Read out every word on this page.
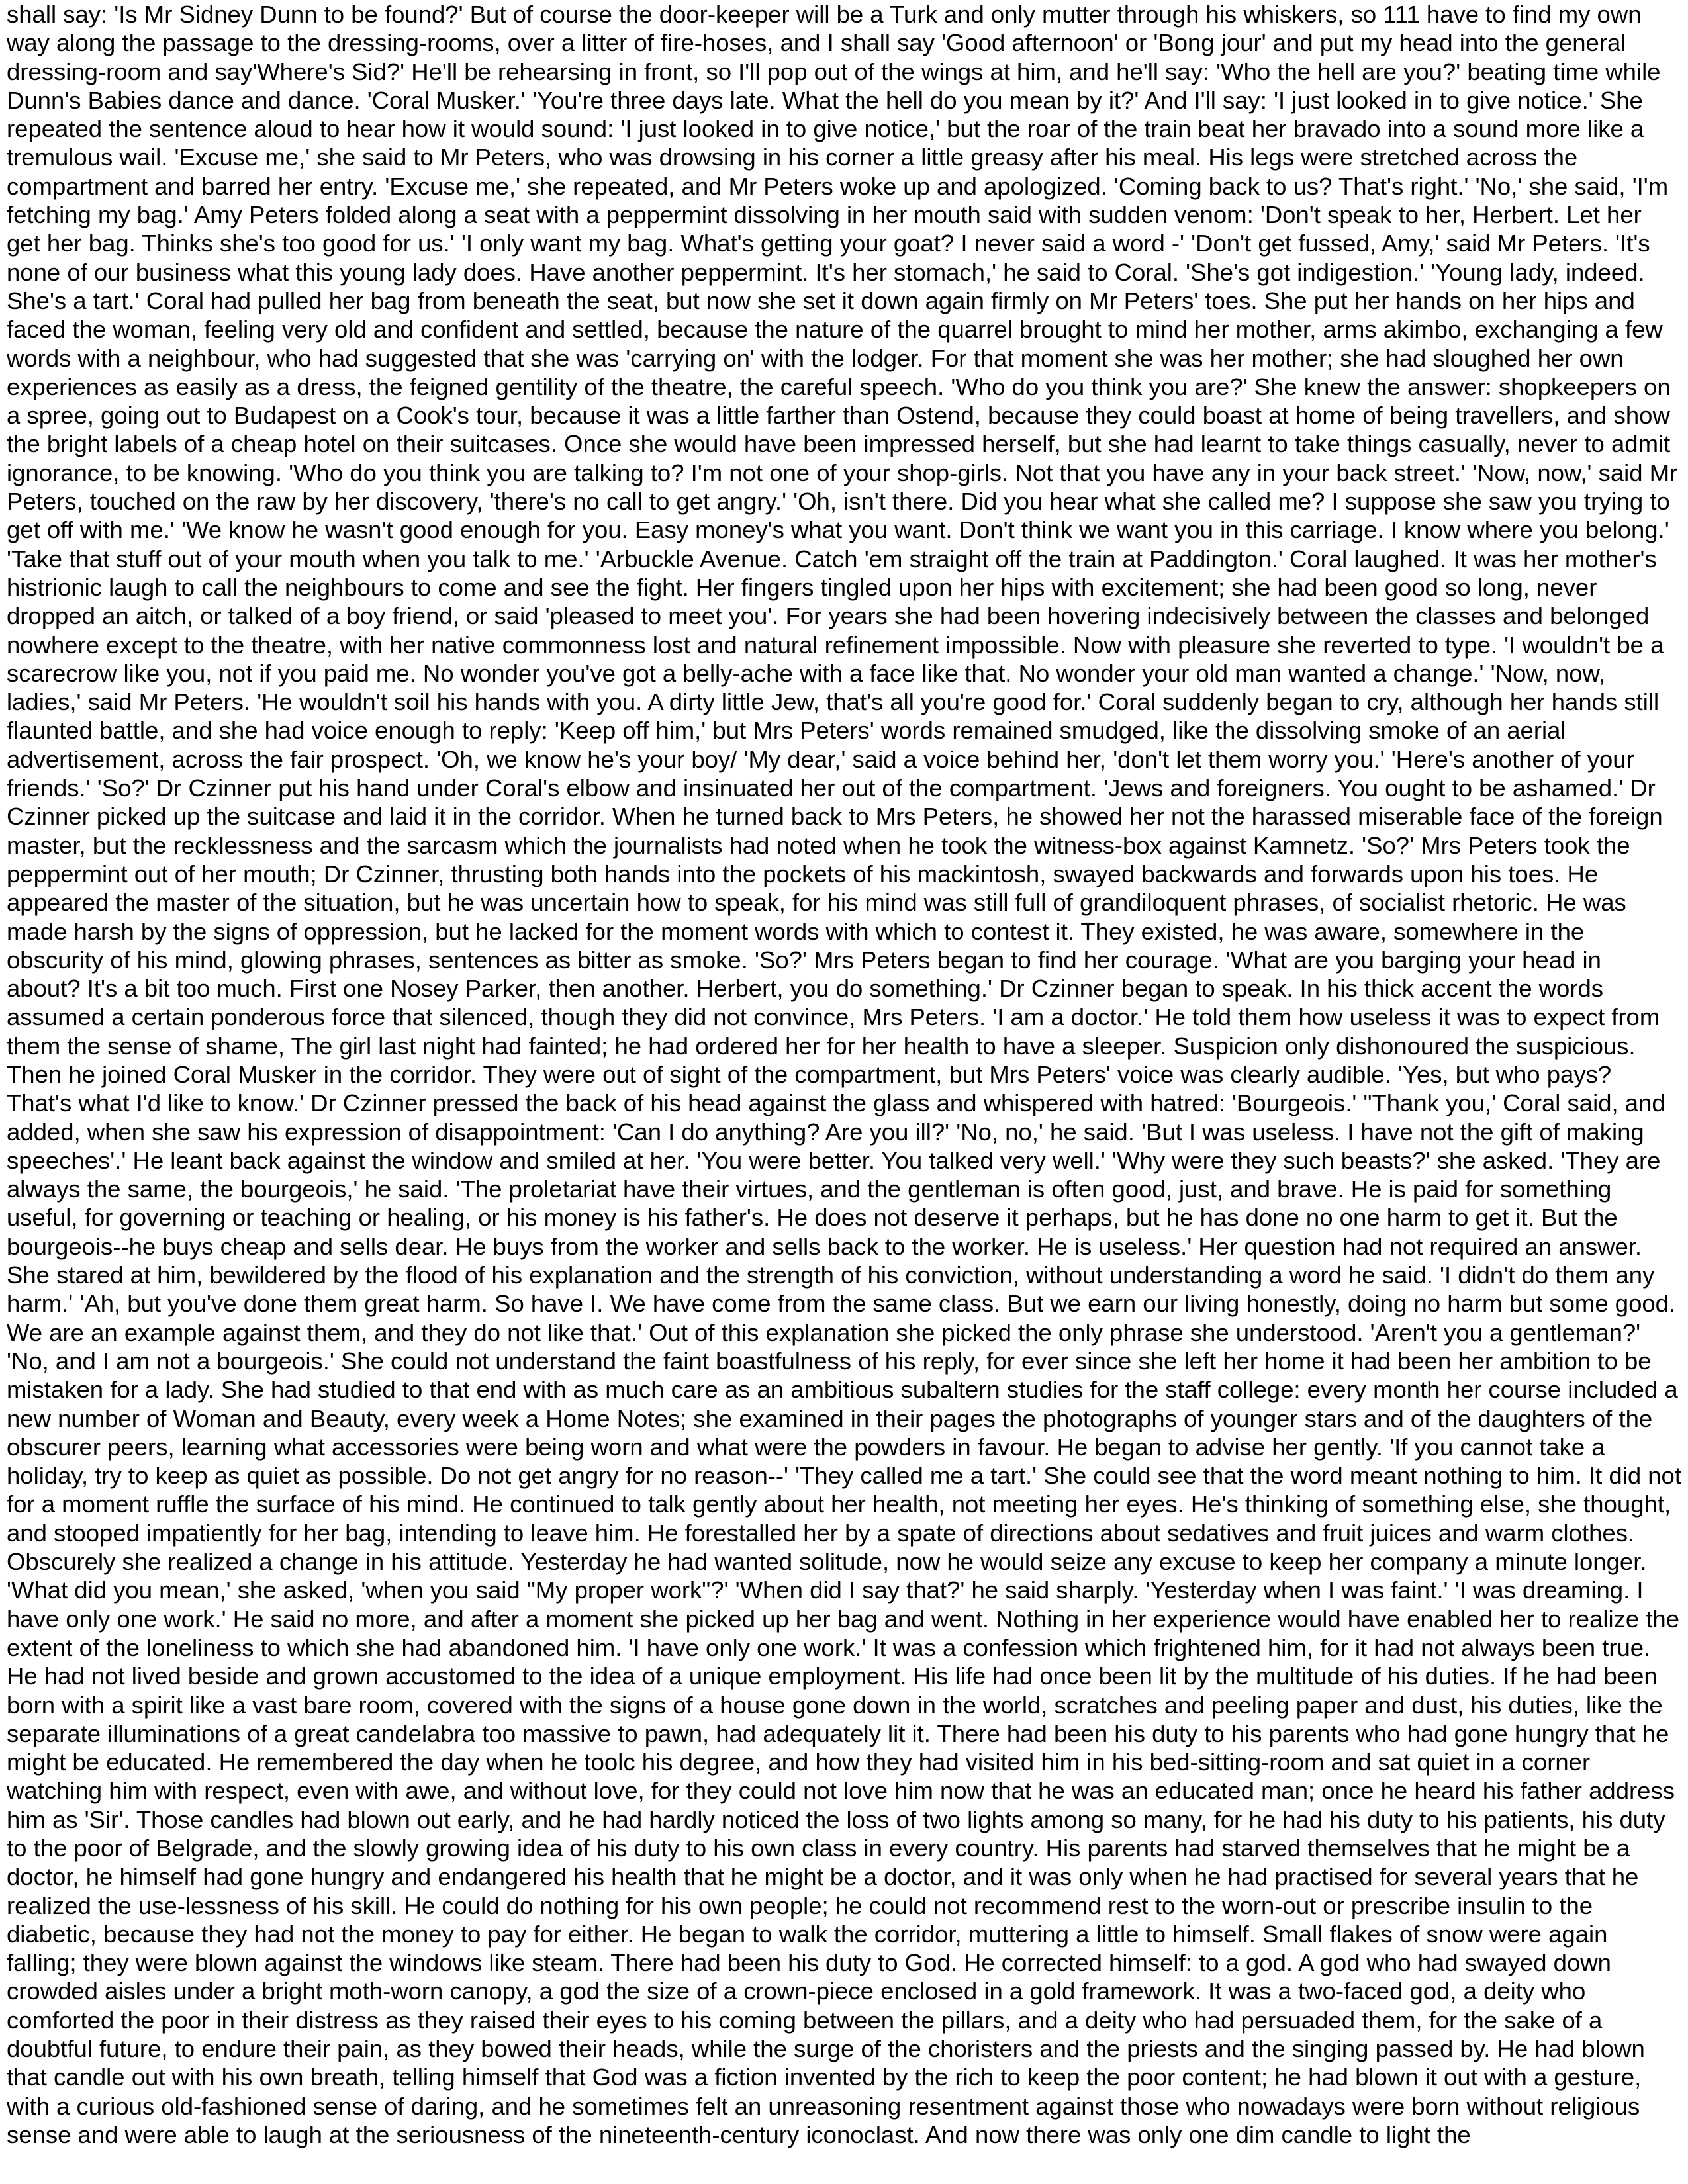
shall say: 'Is Mr Sidney Dunn to be found?' But of course the door-keeper will be a Turk and only mutter through his whiskers, so 111 have to find my own way along the passage to the dressing-rooms, over a litter of fire-hoses, and I shall say 'Good afternoon' or 'Bong jour' and put my head into the general dressing-room and say'Where's Sid?' He'll be rehearsing in front, so I'll pop out of the wings at him, and he'll say: 'Who the hell are you?' beating time while Dunn's Babies dance and dance. 'Coral Musker.' 'You're three days late. What the hell do you mean by it?' And I'll say: 'I just looked in to give notice.' She repeated the sentence aloud to hear how it would sound: 'I just looked in to give notice,' but the roar of the train beat her bravado into a sound more like a tremulous wail. 'Excuse me,' she said to Mr Peters, who was drowsing in his corner a little greasy after his meal. His legs were stretched across the compartment and barred her entry. 'Excuse me,' she repeated, and Mr Peters woke up and apologized. 'Coming back to us? That's right.' 'No,' she said, 'I'm fetching my bag.' Amy Peters folded along a seat with a peppermint dissolving in her mouth said with sudden venom: 'Don't speak to her, Herbert. Let her get her bag. Thinks she's too good for us.' 'I only want my bag. What's getting your goat? I never said a word -' 'Don't get fussed, Amy,' said Mr Peters. 'It's none of our business what this young lady does. Have another peppermint. It's her stomach,' he said to Coral. 'She's got indigestion.' 'Young lady, indeed. She's a tart.' Coral had pulled her bag from beneath the seat, but now she set it down again firmly on Mr Peters' toes. She put her hands on her hips and faced the woman, feeling very old and confident and settled, because the nature of the quarrel brought to mind her mother, arms akimbo, exchanging a few words with a neighbour, who had suggested that she was 'carrying on' with the lodger. For that moment she was her mother; she had sloughed her own experiences as easily as a dress, the feigned gentility of the theatre, the careful speech. 'Who do you think you are?' She knew the answer: shopkeepers on a spree, going out to Budapest on a Cook's tour, because it was a little farther than Ostend, because they could boast at home of being travellers, and show the bright labels of a cheap hotel on their suitcases. Once she would have been impressed herself, but she had learnt to take things casually, never to admit ignorance, to be knowing. 'Who do you think you are talking to? I'm not one of your shop-girls. Not that you have any in your back street.' 'Now, now,' said Mr Peters, touched on the raw by her discovery, 'there's no call to get angry.' 'Oh, isn't there. Did you hear what she called me? I suppose she saw you trying to get off with me.' 'We know he wasn't good enough for you. Easy money's what you want. Don't think we want you in this carriage. I know where you belong.' 'Take that stuff out of your mouth when you talk to me.' 'Arbuckle Avenue. Catch 'em straight off the train at Paddington.' Coral laughed. It was her mother's histrionic laugh to call the neighbours to come and see the fight. Her fingers tingled upon her hips with excitement; she had been good so long, never dropped an aitch, or talked of a boy friend, or said 'pleased to meet you'. For years she had been hovering indecisively between the classes and belonged nowhere except to the theatre, with her native commonness lost and natural refinement impossible. Now with pleasure she reverted to type. 'I wouldn't be a scarecrow like you, not if you paid me. No wonder you've got a belly-ache with a face like that. No wonder your old man wanted a change.' 'Now, now, ladies,' said Mr Peters. 'He wouldn't soil his hands with you. A dirty little Jew, that's all you're good for.' Coral suddenly began to cry, although her hands still flaunted battle, and she had voice enough to reply: 'Keep off him,' but Mrs Peters' words remained smudged, like the dissolving smoke of an aerial advertisement, across the fair prospect. 'Oh, we know he's your boy/ 'My dear,' said a voice behind her, 'don't let them worry you.' 'Here's another of your friends.' 'So?' Dr Czinner put his hand under Coral's elbow and insinuated her out of the compartment. 'Jews and foreigners. You ought to be ashamed.' Dr Czinner picked up the suitcase and laid it in the corridor. When he turned back to Mrs Peters, he showed her not the harassed miserable face of the foreign master, but the recklessness and the sarcasm which the journalists had noted when he took the witness-box against Kamnetz. 'So?' Mrs Peters took the peppermint out of her mouth; Dr Czinner, thrusting both hands into the pockets of his mackintosh, swayed backwards and forwards upon his toes. He appeared the master of the situation, but he was uncertain how to speak, for his mind was still full of grandiloquent phrases, of socialist rhetoric. He was made harsh by the signs of oppression, but he lacked for the moment words with which to contest it. They existed, he was aware, somewhere in the obscurity of his mind, glowing phrases, sentences as bitter as smoke. 'So?' Mrs Peters began to find her courage. 'What are you barging your head in about? It's a bit too much. First one Nosey Parker, then another. Herbert, you do something.' Dr Czinner began to speak. In his thick accent the words assumed a certain ponderous force that silenced, though they did not convince, Mrs Peters. 'I am a doctor.' He told them how useless it was to expect from them the sense of shame, The girl last night had fainted; he had ordered her for her health to have a sleeper. Suspicion only dishonoured the suspicious. Then he joined Coral Musker in the corridor. They were out of sight of the compartment, but Mrs Peters' voice was clearly audible. 'Yes, but who pays? That's what I'd like to know.' Dr Czinner pressed the back of his head against the glass and whispered with hatred: 'Bourgeois.' "Thank you,' Coral said, and added, when she saw his expression of disappointment: 'Can I do anything? Are you ill?' 'No, no,' he said. 'But I was useless. I have not the gift of making speeches'.' He leant back against the window and smiled at her. 'You were better. You talked very well.' 'Why were they such beasts?' she asked. 'They are always the same, the bourgeois,' he said. 'The proletariat have their virtues, and the gentleman is often good, just, and brave. He is paid for something useful, for governing or teaching or healing, or his money is his father's. He does not deserve it perhaps, but he has done no one harm to get it. But the bourgeois--he buys cheap and sells dear. He buys from the worker and sells back to the worker. He is useless.' Her question had not required an answer. She stared at him, bewildered by the flood of his explanation and the strength of his conviction, without understanding a word he said. 'I didn't do them any harm.' 'Ah, but you've done them great harm. So have I. We have come from the same class. But we earn our living honestly, doing no harm but some good. We are an example against them, and they do not like that.' Out of this explanation she picked the only phrase she understood. 'Aren't you a gentleman?' 'No, and I am not a bourgeois.' She could not understand the faint boastfulness of his reply, for ever since she left her home it had been her ambition to be mistaken for a lady. She had studied to that end with as much care as an ambitious subaltern studies for the staff college: every month her course included a new number of Woman and Beauty, every week a Home Notes; she examined in their pages the photographs of younger stars and of the daughters of the obscurer peers, learning what accessories were being worn and what were the powders in favour. He began to advise her gently. 'If you cannot take a holiday, try to keep as quiet as possible. Do not get angry for no reason--' 'They called me a tart.' She could see that the word meant nothing to him. It did not for a moment ruffle the surface of his mind. He continued to talk gently about her health, not meeting her eyes. He's thinking of something else, she thought, and stooped impatiently for her bag, intending to leave him. He forestalled her by a spate of directions about sedatives and fruit juices and warm clothes. Obscurely she realized a change in his attitude. Yesterday he had wanted solitude, now he would seize any excuse to keep her company a minute longer. 'What did you mean,' she asked, 'when you said "My proper work"?' 'When did I say that?' he said sharply. 'Yesterday when I was faint.' 'I was dreaming. I have only one work.' He said no more, and after a moment she picked up her bag and went. Nothing in her experience would have enabled her to realize the extent of the loneliness to which she had abandoned him. 'I have only one work.' It was a confession which frightened him, for it had not always been true. He had not lived beside and grown accustomed to the idea of a unique employment. His life had once been lit by the multitude of his duties. If he had been born with a spirit like a vast bare room, covered with the signs of a house gone down in the world, scratches and peeling paper and dust, his duties, like the separate illuminations of a great candelabra too massive to pawn, had adequately lit it. There had been his duty to his parents who had gone hungry that he might be educated. He remembered the day when he toolc his degree, and how they had visited him in his bed-sitting-room and sat quiet in a corner watching him with respect, even with awe, and without love, for they could not love him now that he was an educated man; once he heard his father address him as 'Sir'. Those candles had blown out early, and he had hardly noticed the loss of two lights among so many, for he had his duty to his patients, his duty to the poor of Belgrade, and the slowly growing idea of his duty to his own class in every country. His parents had starved themselves that he might be a doctor, he himself had gone hungry and endangered his health that he might be a doctor, and it was only when he had practised for several years that he realized the use-lessness of his skill. He could do nothing for his own people; he could not recommend rest to the worn-out or prescribe insulin to the diabetic, because they had not the money to pay for either. He began to walk the corridor, muttering a little to himself. Small flakes of snow were again falling; they were blown against the windows like steam. There had been his duty to God. He corrected himself: to a god. A god who had swayed down crowded aisles under a bright moth-worn canopy, a god the size of a crown-piece enclosed in a gold framework. It was a two-faced god, a deity who comforted the poor in their distress as they raised their eyes to his coming between the pillars, and a deity who had persuaded them, for the sake of a doubtful future, to endure their pain, as they bowed their heads, while the surge of the choristers and the priests and the singing passed by. He had blown that candle out with his own breath, telling himself that God was a fiction invented by the rich to keep the poor content; he had blown it out with a gesture, with a curious old-fashioned sense of daring, and he sometimes felt an unreasoning resentment against those who nowadays were born without religious sense and were able to laugh at the seriousness of the nineteenth-century iconoclast. And now there was only one dim candle to light the
